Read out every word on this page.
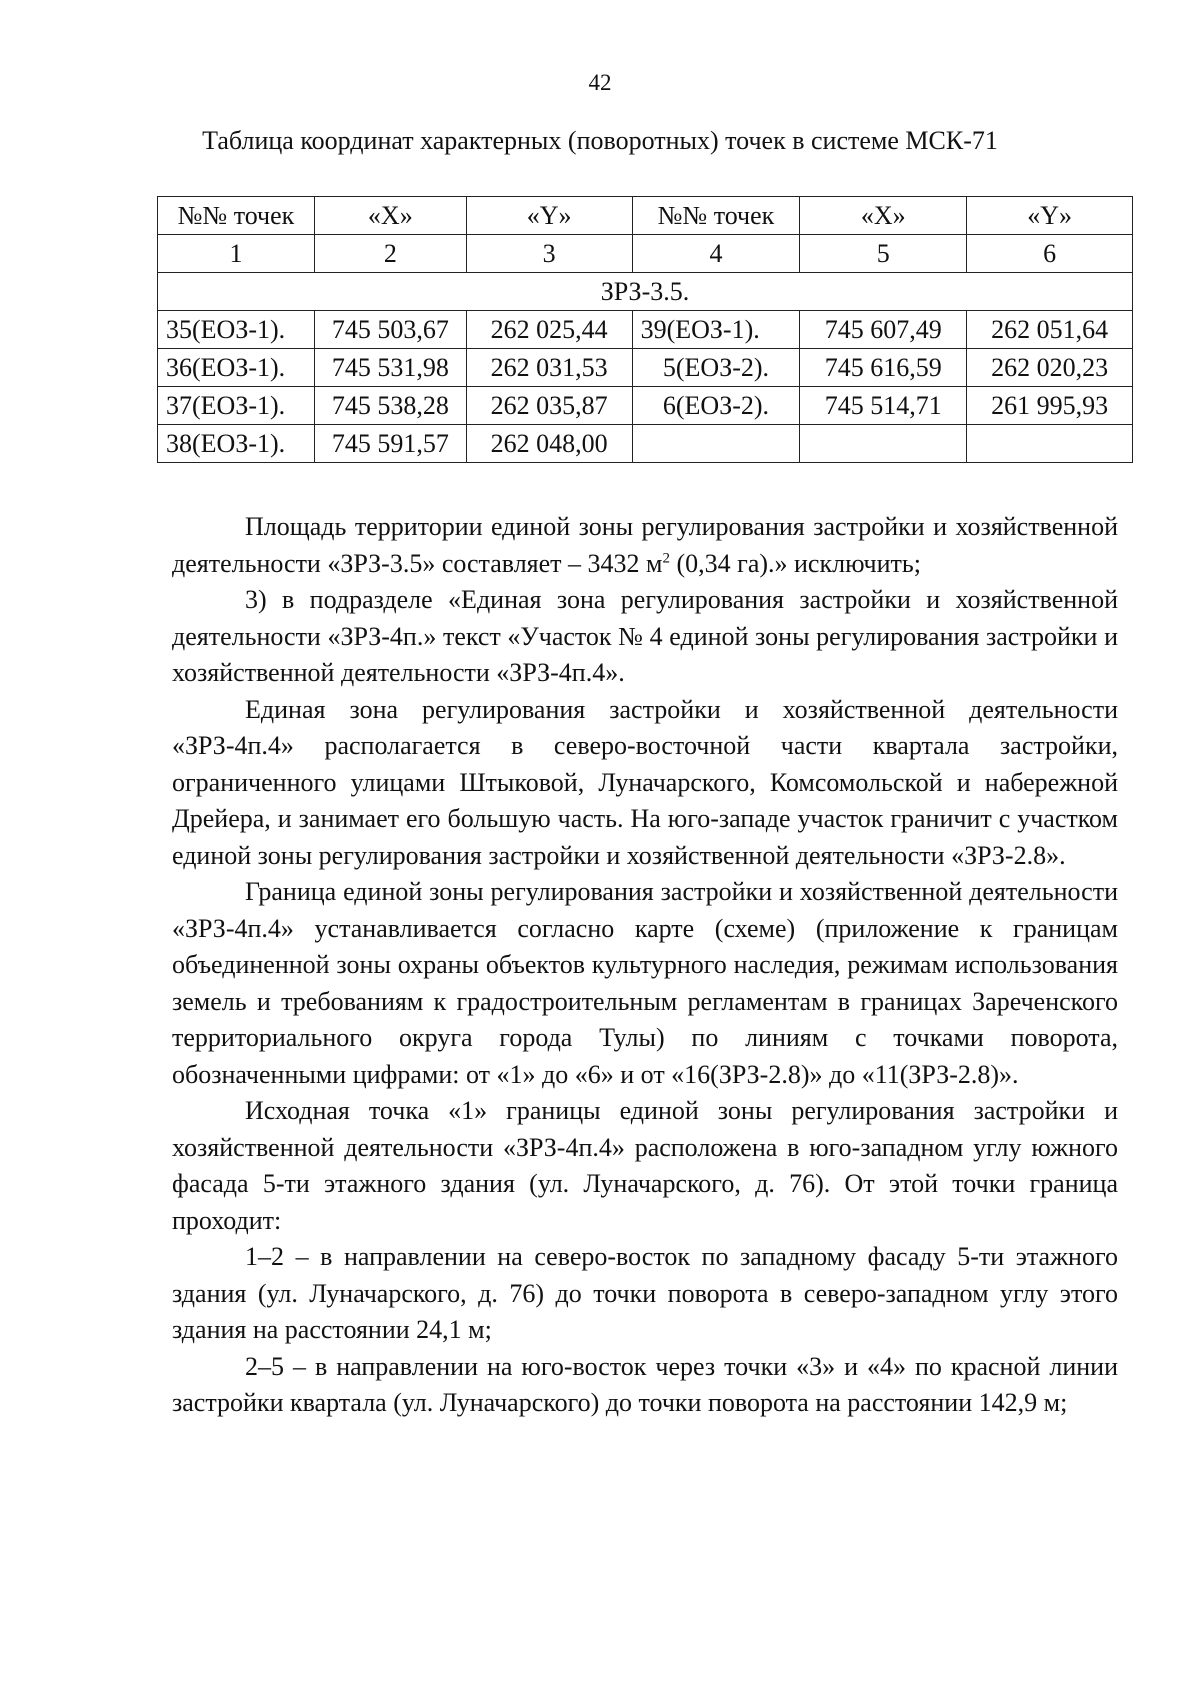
42
Таблица координат характерных (поворотных) точек в системе МСК-71
№№ точек	«X»	«Y»	№№ точек	«X»	«Y»
1	2	3	4	5	6
ЗРЗ-3.5.					
35(ЕОЗ-1).	745 503,67	262 025,44	39(ЕОЗ-1).	745 607,49	262 051,64
36(ЕОЗ-1).	745 531,98	262 031,53	5(ЕОЗ-2).	745 616,59	262 020,23
37(ЕОЗ-1).	745 538,28	262 035,87	6(ЕОЗ-2).	745 514,71	261 995,93
38(ЕОЗ-1).	745 591,57	262 048,00			

Площадь территории единой зоны регулирования застройки и хозяйственной деятельности «ЗРЗ-3.5» составляет – 3432 $м^2$ (0,34 га).» исключить;

3) в подразделе «Единая зона регулирования застройки и хозяйственной деятельности «ЗРЗ-4п.» текст «Участок № 4 единой зоны регулирования застройки и хозяйственной деятельности «ЗРЗ-4п.4».

Единая зона регулирования застройки и хозяйственной деятельности «ЗРЗ-4п.4» располагается в северо-восточной части квартала застройки, ограниченного улицами Штыковой, Луначарского, Комсомольской и набережной Дрейера, и занимает его большую часть. На юго-западе участок граничит с участком единой зоны регулирования застройки и хозяйственной деятельности «ЗРЗ-2.8».

Граница единой зоны регулирования застройки и хозяйственной деятельности «ЗРЗ-4п.4» устанавливается согласно карте (схеме) (приложение к границам объединенной зоны охраны объектов культурного наследия, режимам использования земель и требованиям к градостроительным регламентам в границах Зареченского территориального округа города Тулы) по линиям с точками поворота, обозначенными цифрами: от «1» до «6» и от «16(ЗРЗ-2.8)» до «11(ЗРЗ-2.8)».

Исходная точка «1» границы единой зоны регулирования застройки и хозяйственной деятельности «ЗРЗ-4п.4» расположена в юго-западном углу южного фасада 5-ти этажного здания (ул. Луначарского, д. 76). От этой точки граница проходит:

1–2 – в направлении на северо-восток по западному фасаду 5-ти этажного здания (ул. Луначарского, д. 76) до точки поворота в северо-западном углу этого здания на расстоянии 24,1 м;

2–5 – в направлении на юго-восток через точки «3» и «4» по красной линии застройки квартала (ул. Луначарского) до точки поворота на расстоянии 142,9 м;
